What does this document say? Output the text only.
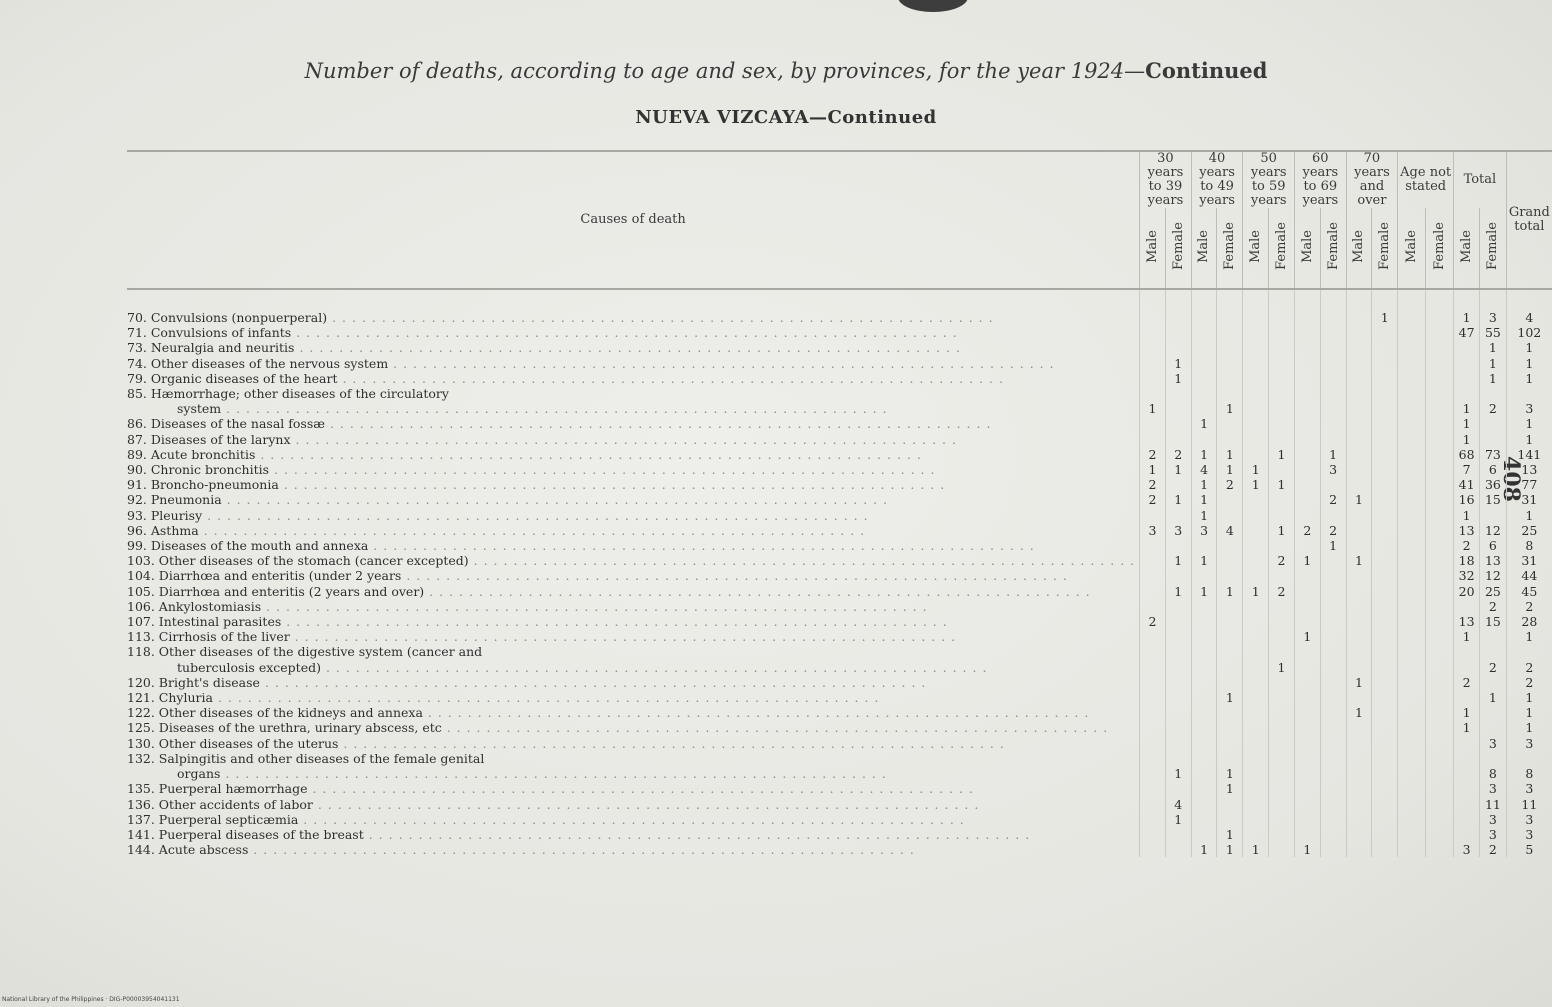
Number of deaths, according to age and sex, by provinces, for the year 1924—Continued
NUEVA VIZCAYA—Continued
408
Causes of death	30 years to 39 years		40 years to 49 years		50 years to 59 years		60 years to 69 years		70 years and over		Age not stated		Total		Grand total
	Male	Female	Male	Female	Male	Female	Male	Female	Male	Female	Male	Female	Male	Female	

70. Convulsions (nonpuerperal) . . .										1			1	3	4

71. Convulsions of infants . . .													47	55	102

73. Neuralgia and neuritis . . .														1	1

74. Other diseases of the nervous system . . .		1												1	1

79. Organic diseases of the heart . . .		1												1	1

85. Hæmorrhage; other diseases of the circulatory
system . . .	1			1									1	2	3

86. Diseases of the nasal fossæ . . .			1										1		1

87. Diseases of the larynx . . .													1		1

89. Acute bronchitis . . .	2	2	1	1		1		1					68	73	141

90. Chronic bronchitis . . .	1	1	4	1	1			3					7	6	13

91. Broncho-pneumonia . . .	2		1	2	1	1							41	36	77

92. Pneumonia . . .	2	1	1					2	1				16	15	31

93. Pleurisy . . .			1										1		1

96. Asthma . . .	3	3	3	4		1	2	2					13	12	25

99. Diseases of the mouth and annexa . . .								1					2	6	8

103. Other diseases of the stomach (cancer excepted) . . .		1	1			2	1		1				18	13	31

104. Diarrhœa and enteritis (under 2 years . . .													32	12	44

105. Diarrhœa and enteritis (2 years and over) . . .		1	1	1	1	2							20	25	45

106. Ankylostomiasis . . .														2	2

107. Intestinal parasites . . .	2												13	15	28

113. Cirrhosis of the liver . . .							1						1		1

118. Other diseases of the digestive system (cancer and
tuberculosis excepted) . . .						1								2	2

120. Bright's disease . . .									1				2		2

121. Chyluria . . .				1										1	1

122. Other diseases of the kidneys and annexa . . .									1				1		1

125. Diseases of the urethra, urinary abscess, etc . . .													1		1

130. Other diseases of the uterus . . .														3	3

132. Salpingitis and other diseases of the female genital
organs . . .		1		1										8	8

135. Puerperal hæmorrhage . . .				1										3	3

136. Other accidents of labor . . .		4												11	11

137. Puerperal septicæmia . . .		1												3	3

141. Puerperal diseases of the breast . . .				1										3	3

144. Acute abscess . . .			1	1	1		1						3	2	5
National Library of the Philippines · DIG-P00003954041131
